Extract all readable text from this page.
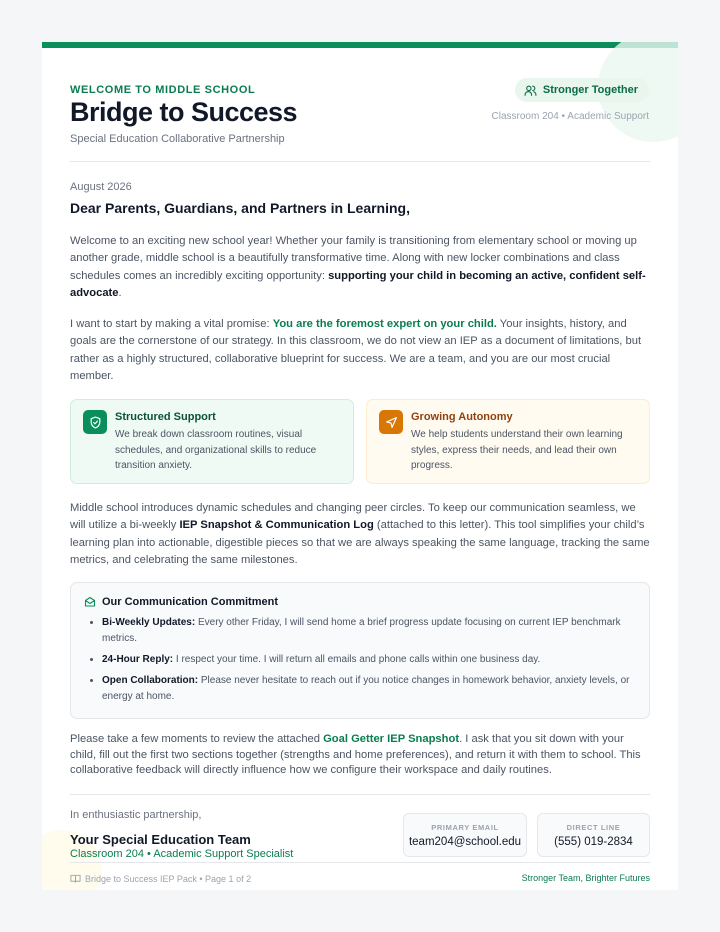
WELCOME TO MIDDLE SCHOOL
Bridge to Success
Special Education Collaborative Partnership
Stronger Together
Classroom 204 • Academic Support
August 2026
Dear Parents, Guardians, and Partners in Learning,

Welcome to an exciting new school year! Whether your family is transitioning from elementary school or moving up another grade, middle school is a beautifully transformative time. Along with new locker combinations and class schedules comes an incredibly exciting opportunity: supporting your child in becoming an active, confident self-advocate.

I want to start by making a vital promise: You are the foremost expert on your child. Your insights, history, and goals are the cornerstone of our strategy. In this classroom, we do not view an IEP as a document of limitations, but rather as a highly structured, collaborative blueprint for success. We are a team, and you are our most crucial member.

Structured Support
We break down classroom routines, visual schedules, and organizational skills to reduce transition anxiety.
Growing Autonomy
We help students understand their own learning styles, express their needs, and lead their own progress.

Middle school introduces dynamic schedules and changing peer circles. To keep our communication seamless, we will utilize a bi-weekly IEP Snapshot & Communication Log (attached to this letter). This tool simplifies your child’s learning plan into actionable, digestible pieces so that we are always speaking the same language, tracking the same metrics, and celebrating the same milestones.

Our Communication Commitment
• Bi-Weekly Updates: Every other Friday, I will send home a brief progress update focusing on current IEP benchmark metrics.
• 24-Hour Reply: I respect your time. I will return all emails and phone calls within one business day.
• Open Collaboration: Please never hesitate to reach out if you notice changes in homework behavior, anxiety levels, or energy at home.

Please take a few moments to review the attached Goal Getter IEP Snapshot. I ask that you sit down with your child, fill out the first two sections together (strengths and home preferences), and return it with them to school. This collaborative feedback will directly influence how we configure their workspace and daily routines.

In enthusiastic partnership,
Your Special Education Team
Classroom 204 • Academic Support Specialist
PRIMARY EMAIL
team204@school.edu
DIRECT LINE
(555) 019-2834
Bridge to Success IEP Pack • Page 1 of 2	Stronger Team, Brighter Futures
